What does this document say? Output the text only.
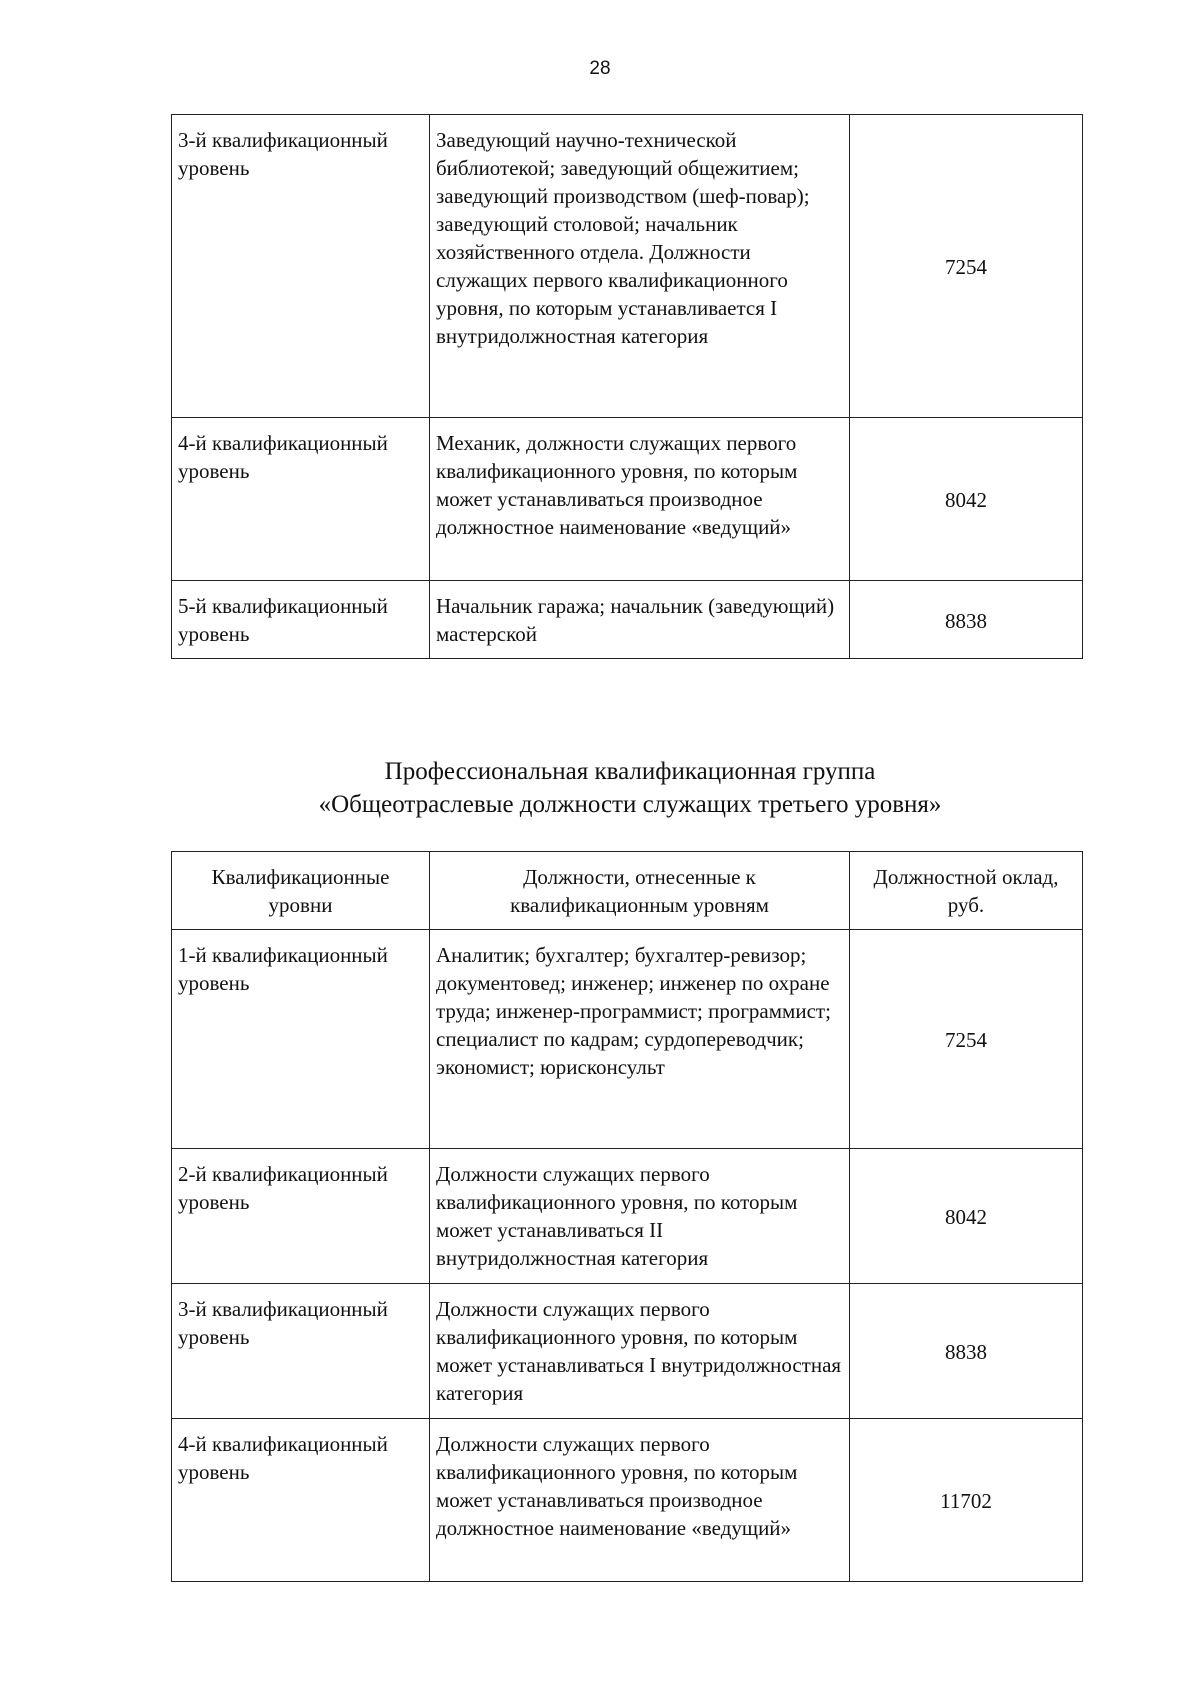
28
3-й квалификационный уровень	Заведующий научно-технической библиотекой; заведующий общежитием; заведующий производством (шеф-повар); заведующий столовой; начальник хозяйственного отдела. Должности служащих первого квалификационного уровня, по которым устанавливается I внутридолжностная категория	7254
4-й квалификационный уровень	Механик, должности служащих первого квалификационного уровня, по которым может устанавливаться производное должностное наименование «ведущий»	8042
5-й квалификационный уровень	Начальник гаража; начальник (заведующий) мастерской	8838
Профессиональная квалификационная группа
«Общеотраслевые должности служащих третьего уровня»
Квалификационные уровни	Должности, отнесенные к квалификационным уровням	Должностной оклад, руб.
1-й квалификационный уровень	Аналитик; бухгалтер; бухгалтер-ревизор; документовед; инженер; инженер по охране труда; инженер-программист; программист; специалист по кадрам; сурдопереводчик; экономист; юрисконсульт	7254
2-й квалификационный уровень	Должности служащих первого квалификационного уровня, по которым может устанавливаться II внутридолжностная категория	8042
3-й квалификационный уровень	Должности служащих первого квалификационного уровня, по которым может устанавливаться I внутридолжностная категория	8838
4-й квалификационный уровень	Должности служащих первого квалификационного уровня, по которым может устанавливаться производное должностное наименование «ведущий»	11702
